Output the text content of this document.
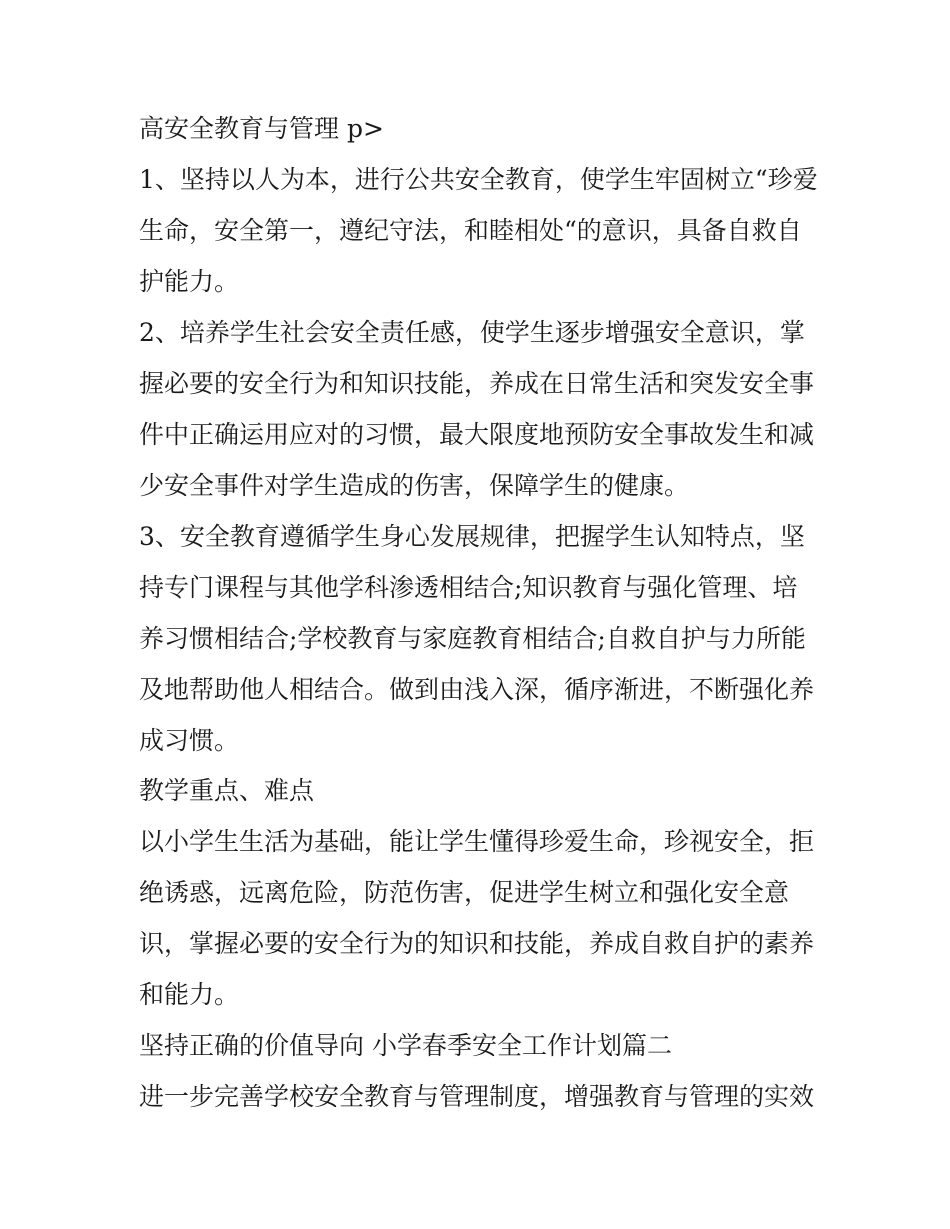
高安全教育与管理 p>
1、坚持以人为本，进行公共安全教育，使学生牢固树立“珍爱
生命，安全第一，遵纪守法，和睦相处“的意识，具备自救自
护能力。
2、培养学生社会安全责任感，使学生逐步增强安全意识，掌
握必要的安全行为和知识技能，养成在日常生活和突发安全事
件中正确运用应对的习惯，最大限度地预防安全事故发生和减
少安全事件对学生造成的伤害，保障学生的健康。
3、安全教育遵循学生身心发展规律，把握学生认知特点，坚
持专门课程与其他学科渗透相结合;知识教育与强化管理、培
养习惯相结合;学校教育与家庭教育相结合;自救自护与力所能
及地帮助他人相结合。做到由浅入深，循序渐进，不断强化养
成习惯。
教学重点、难点
以小学生生活为基础，能让学生懂得珍爱生命，珍视安全，拒
绝诱惑，远离危险，防范伤害，促进学生树立和强化安全意
识，掌握必要的安全行为的知识和技能，养成自救自护的素养
和能力。
坚持正确的价值导向 小学春季安全工作计划篇二
进一步完善学校安全教育与管理制度，增强教育与管理的实效
